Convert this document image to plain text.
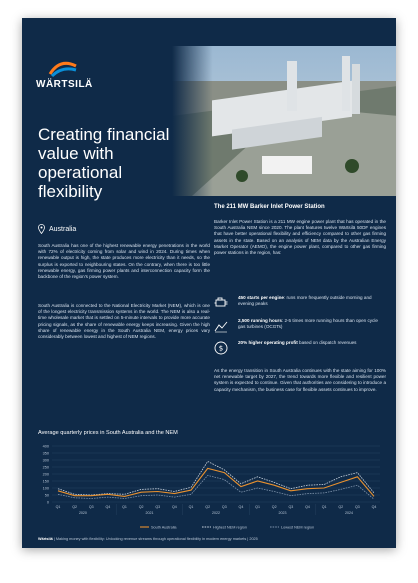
WÄRTSILÄ
Creating financial value with operational flexibility
Australia

South Australia has one of the highest renewable energy penetrations in the world with 72% of electricity coming from solar and wind in 2024. During times when renewable output is high, the state produces more electricity than it needs, so the surplus is exported to neighbouring states. On the contrary, when there is too little renewable energy, gas firming power plants and interconnection capacity form the backbone of the region's power system.

South Australia is connected to the National Electricity Market (NEM), which is one of the longest electricity transmission systems in the world. The NEM is also a real-time wholesale market that is settled on 5-minute intervals to provide more accurate pricing signals, as the share of renewable energy keeps increasing. Given the high share of renewable energy in the South Australia NEM, energy prices vary considerably between lowest and highest of NEM regions.

The 211 MW Barker Inlet Power Station

Barker Inlet Power Station is a 211 MW engine power plant that has operated in the South Australia NEM since 2020. The plant features twelve Wärtsilä 50DF engines that have better operational flexibility and efficiency compared to other gas firming assets in the state. Based on an analysis of NEM data by the Australian Energy Market Operator (AEMO), the engine power plant, compared to other gas firming power stations in the region, has:

450 starts per engine: runs more frequently outside morning and evening peaks
2,500 running hours: 2-5 times more running hours than open cycle gas turbines (OCGTs)
$
20% higher operating profit based on dispatch revenues

As the energy transition in South Australia continues with the state aiming for 100% net renewable target by 2027, the trend towards more flexible and resilient power system is expected to continue. Given that authorities are considering to introduce a capacity mechanism, the business case for flexible assets continues to improve.

Average quarterly prices in South Australia and the NEM
400
350
300
250
200
150
100
50
0
Q1	Q2	Q3	Q4	Q1	Q2	Q3	Q4	Q1	Q2	Q3	Q4	Q1	Q2	Q3	Q4	Q1	Q2	Q3	Q4
2020	2021	2022	2023	2024
South Australia	Highest NEM region	Lowest NEM region
Wärtsilä | Making money with flexibility: Unlocking revenue streams through operational flexibility in modern energy markets | 2025
